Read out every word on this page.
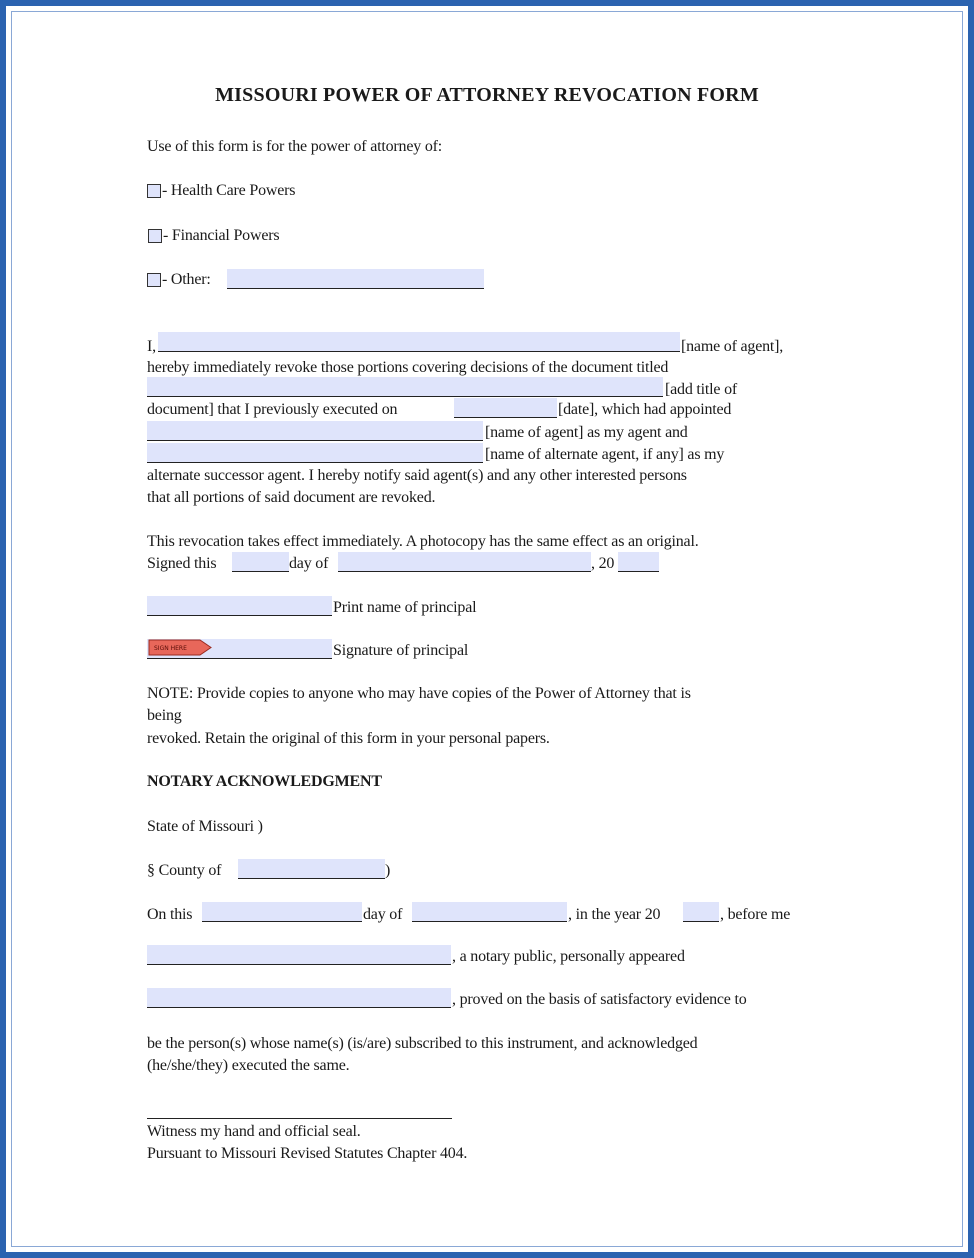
MISSOURI POWER OF ATTORNEY REVOCATION FORM
Use of this form is for the power of attorney of:
- Health Care Powers
- Financial Powers
- Other:
I,	[name of agent],
hereby immediately revoke those portions covering decisions of the document titled
[add title of
document] that I previously executed on	[date], which had appointed
[name of agent] as my agent and
[name of alternate agent, if any] as my
alternate successor agent. I hereby notify said agent(s) and any other interested persons
that all portions of said document are revoked.
This revocation takes effect immediately. A photocopy has the same effect as an original.
Signed this	day of	, 20
Print name of principal
SIGN HERE	Signature of principal
NOTE: Provide copies to anyone who may have copies of the Power of Attorney that is
being
revoked. Retain the original of this form in your personal papers.
NOTARY ACKNOWLEDGMENT
State of Missouri )
§ County of	)
On this	day of	, in the year 20	, before me
, a notary public, personally appeared
, proved on the basis of satisfactory evidence to
be the person(s) whose name(s) (is/are) subscribed to this instrument, and acknowledged
(he/she/they) executed the same.
Witness my hand and official seal.
Pursuant to Missouri Revised Statutes Chapter 404.
